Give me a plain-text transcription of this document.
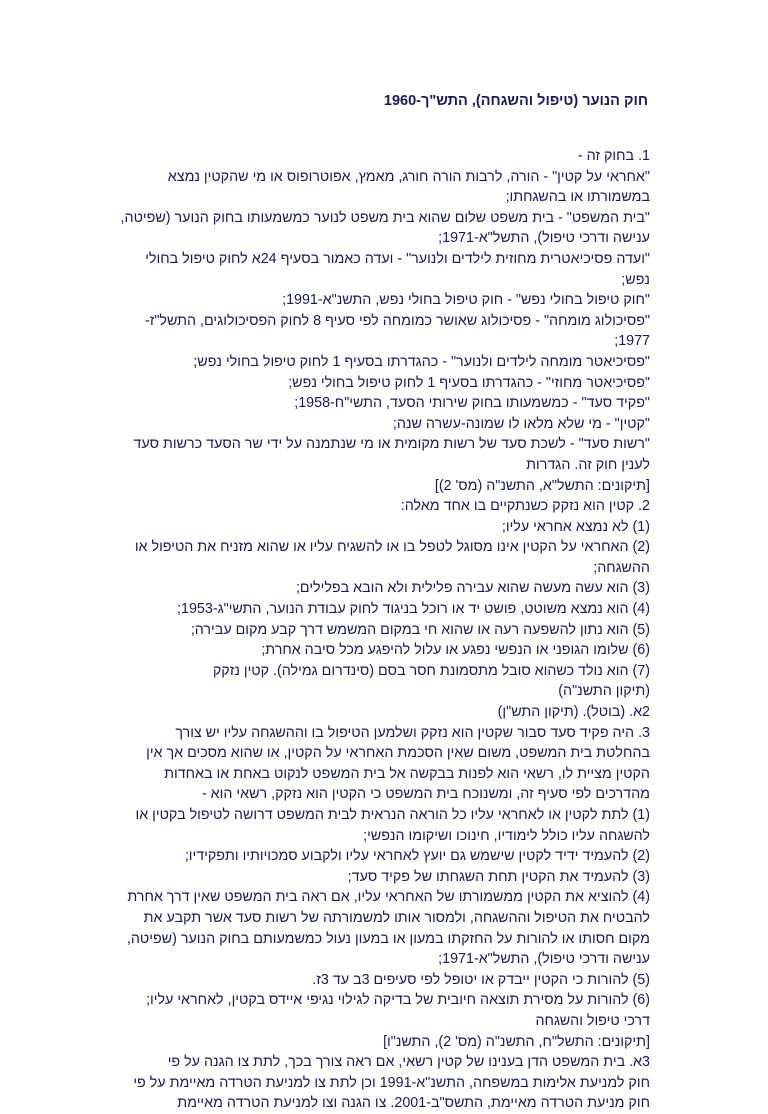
חוק הנוער (טיפול והשגחה), התש"ך-1960
1. בחוק זה -
"אחראי על קטין" - הורה, לרבות הורה חורג, מאמץ, אפוטרופוס או מי שהקטין נמצא
במשמורתו או בהשגחתו;
"בית המשפט" - בית משפט שלום שהוא בית משפט לנוער כמשמעותו בחוק הנוער (שפיטה,
ענישה ודרכי טיפול), התשל"א-1971;
"ועדה פסיכיאטרית מחוזית לילדים ולנוער" - ועדה כאמור בסעיף 24א לחוק טיפול בחולי
נפש;
"חוק טיפול בחולי נפש" - חוק טיפול בחולי נפש, התשנ"א-1991;
"פסיכולוג מומחה" - פסיכולוג שאושר כמומחה לפי סעיף 8 לחוק הפסיכולוגים, התשל"ז-
1977;
"פסיכיאטר מומחה לילדים ולנוער" - כהגדרתו בסעיף 1 לחוק טיפול בחולי נפש;
"פסיכיאטר מחוזי" - כהגדרתו בסעיף 1 לחוק טיפול בחולי נפש;
"פקיד סעד" - כמשמעותו בחוק שירותי הסעד, התשי"ח-1958;
"קטין" - מי שלא מלאו לו שמונה-עשרה שנה;
"רשות סעד" - לשכת סעד של רשות מקומית או מי שנתמנה על ידי שר הסעד כרשות סעד
לענין חוק זה. הגדרות
[תיקונים: התשל"א, התשנ"ה (מס' 2)]
2. קטין הוא נזקק כשנתקיים בו אחד מאלה:
(1) לא נמצא אחראי עליו;
(2) האחראי על הקטין אינו מסוגל לטפל בו או להשגיח עליו או שהוא מזניח את הטיפול או
ההשגחה;
(3) הוא עשה מעשה שהוא עבירה פלילית ולא הובא בפלילים;
(4) הוא נמצא משוטט, פושט יד או רוכל בניגוד לחוק עבודת הנוער, התשי"ג-1953;
(5) הוא נתון להשפעה רעה או שהוא חי במקום המשמש דרך קבע מקום עבירה;
(6) שלומו הגופני או הנפשי נפגע או עלול להיפגע מכל סיבה אחרת;
(7) הוא נולד כשהוא סובל מתסמונת חסר בסם (סינדרום גמילה). קטין נזקק
(תיקון התשנ"ה)
2א. (בוטל). (תיקון התש"ן)
3. היה פקיד סעד סבור שקטין הוא נזקק ושלמען הטיפול בו וההשגחה עליו יש צורך
בהחלטת בית המשפט, משום שאין הסכמת האחראי על הקטין, או שהוא מסכים אך אין
הקטין מציית לו, רשאי הוא לפנות בבקשה אל בית המשפט לנקוט באחת או באחדות
מהדרכים לפי סעיף זה, ומשנוכח בית המשפט כי הקטין הוא נזקק, רשאי הוא -
(1) לתת לקטין או לאחראי עליו כל הוראה הנראית לבית המשפט דרושה לטיפול בקטין או
להשגחה עליו כולל לימודיו, חינוכו ושיקומו הנפשי;
(2) להעמיד ידיד לקטין שישמש גם יועץ לאחראי עליו ולקבוע סמכויותיו ותפקידיו;
(3) להעמיד את הקטין תחת השגחתו של פקיד סעד;
(4) להוציא את הקטין ממשמורתו של האחראי עליו, אם ראה בית המשפט שאין דרך אחרת
להבטיח את הטיפול וההשגחה, ולמסור אותו למשמורתה של רשות סעד אשר תקבע את
מקום חסותו או להורות על החזקתו במעון או במעון נעול כמשמעותם בחוק הנוער (שפיטה,
ענישה ודרכי טיפול), התשל"א-1971;
(5) להורות כי הקטין ייבדק או יטופל לפי סעיפים 3ב עד 3ז.
(6) להורות על מסירת תוצאה חיובית של בדיקה לגילוי נגיפי איידס בקטין, לאחראי עליו;
דרכי טיפול והשגחה
[תיקונים: התשל"ח, התשנ"ה (מס' 2), התשנ"ו]
3א. בית המשפט הדן בענינו של קטין רשאי, אם ראה צורך בכך, לתת צו הגנה על פי
חוק למניעת אלימות במשפחה, התשנ"א-1991 וכן לתת צו למניעת הטרדה מאיימת על פי
חוק מניעת הטרדה מאיימת, התשס"ב-2001. צו הגנה וצו למניעת הטרדה מאיימת
